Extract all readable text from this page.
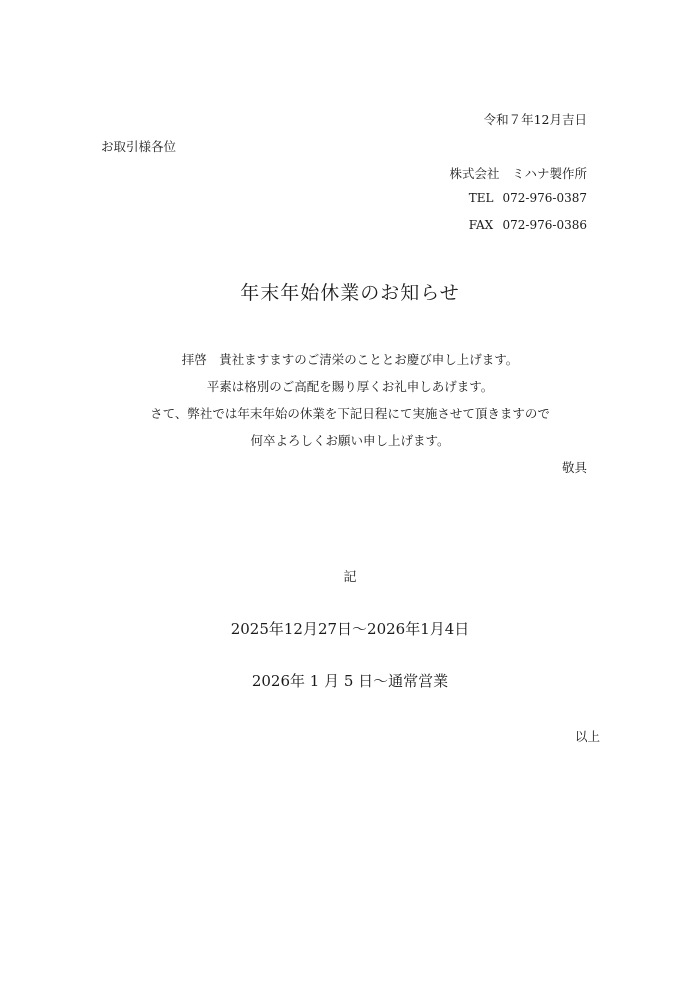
令和７年12月吉日
お取引様各位
株式会社　ミハナ製作所
TEL 072-976-0387
FAX 072-976-0386
年末年始休業のお知らせ

拝啓　貴社ますますのご清栄のこととお慶び申し上げます。

平素は格別のご高配を賜り厚くお礼申しあげます。

さて、弊社では年末年始の休業を下記日程にて実施させて頂きますので

何卒よろしくお願い申し上げます。

敬具
記
2025年12月27日～2026年1月4日
2026年 1 月 5 日～通常営業
以上
